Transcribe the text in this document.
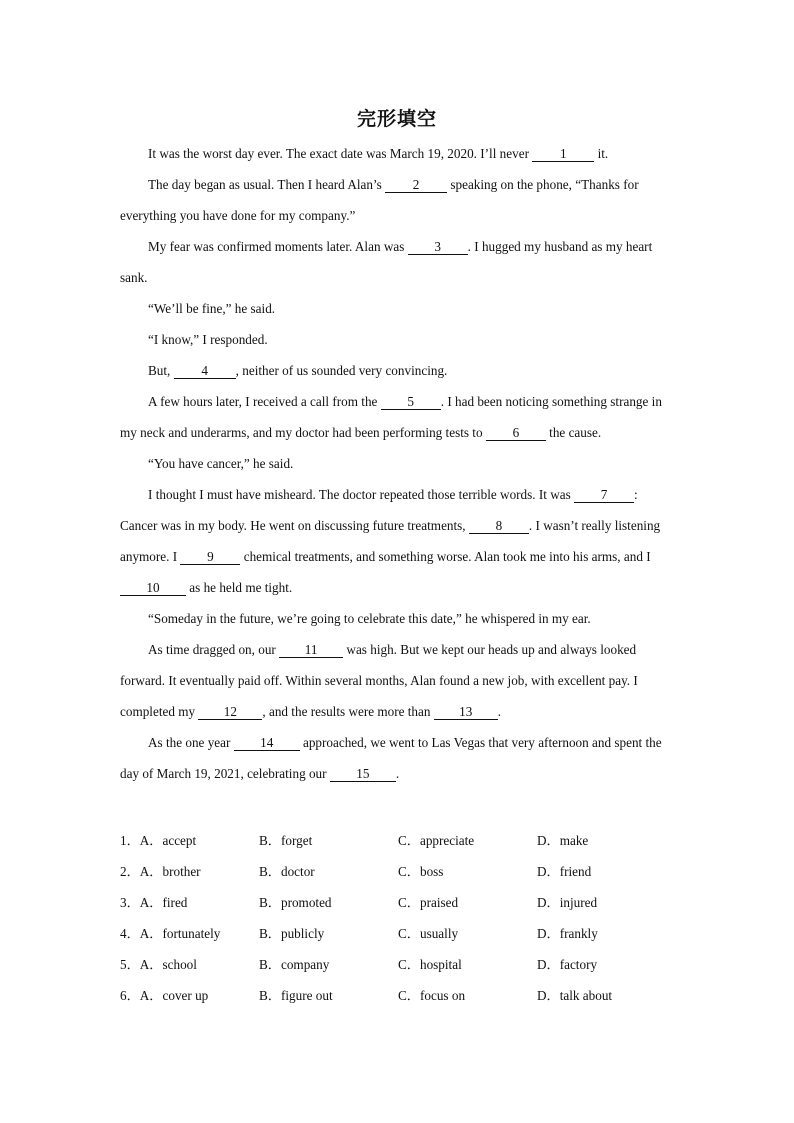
完形填空

It was the worst day ever. The exact date was March 19, 2020. I’ll never 1 it.

The day began as usual. Then I heard Alan’s 2 speaking on the phone, “Thanks for everything you have done for my company.”

My fear was confirmed moments later. Alan was 3 . I hugged my husband as my heart sank.

“We’ll be fine,” he said.

“I know,” I responded.

But, 4 , neither of us sounded very convincing.

A few hours later, I received a call from the 5 . I had been noticing something strange in my neck and underarms, and my doctor had been performing tests to 6 the cause.

“You have cancer,” he said.

I thought I must have misheard. The doctor repeated those terrible words. It was 7 : Cancer was in my body. He went on discussing future treatments, 8 . I wasn’t really listening anymore. I 9 chemical treatments, and something worse. Alan took me into his arms, and I 10 as he held me tight.

“Someday in the future, we’re going to celebrate this date,” he whispered in my ear.

As time dragged on, our 11 was high. But we kept our heads up and always looked forward. It eventually paid off. Within several months, Alan found a new job, with excellent pay. I completed my 12 , and the results were more than 13 .

As the one year 14 approached, we went to Las Vegas that very afternoon and spent the day of March 19, 2021, celebrating our 15 .

1．A．accept	B．forget	C．appreciate	D．make
2．A．brother	B．doctor	C．boss	D．friend
3．A．fired	B．promoted	C．praised	D．injured
4．A．fortunately	B．publicly	C．usually	D．frankly
5．A．school	B．company	C．hospital	D．factory
6．A．cover up	B．figure out	C．focus on	D．talk about
